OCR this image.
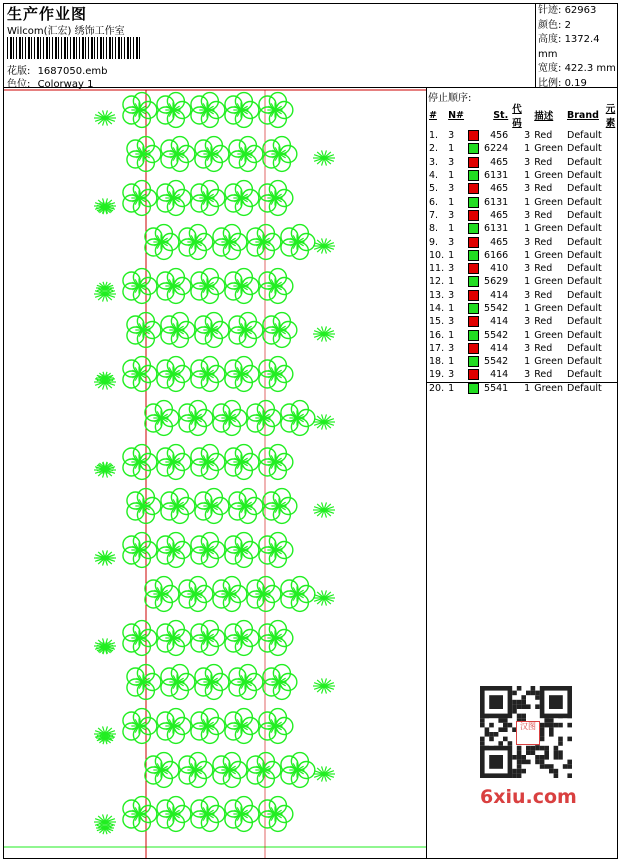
生产作业图
Wilcom(汇宏) 绣饰工作室
花版: 1687050.emb
色位: Colorway 1
针迹: 62963
颜色: 2
高度: 1372.4 mm
宽度: 422.3 mm
比例: 0.19
停止顺序:
#	N#		St.	代码	描述	Brand	元素
1.	3		456	3	Red	Default	
2.	1		6224	1	Green	Default	
3.	3		465	3	Red	Default	
4.	1		6131	1	Green	Default	
5.	3		465	3	Red	Default	
6.	1		6131	1	Green	Default	
7.	3		465	3	Red	Default	
8.	1		6131	1	Green	Default	
9.	3		465	3	Red	Default	
10.	1		6166	1	Green	Default	
11.	3		410	3	Red	Default	
12.	1		5629	1	Green	Default	
13.	3		414	3	Red	Default	
14.	1		5542	1	Green	Default	
15.	3		414	3	Red	Default	
16.	1		5542	1	Green	Default	
17.	3		414	3	Red	Default	
18.	1		5542	1	Green	Default	
19.	3		414	3	Red	Default	
20.	1		5541	1	Green	Default	
6xiu.com
汉图
